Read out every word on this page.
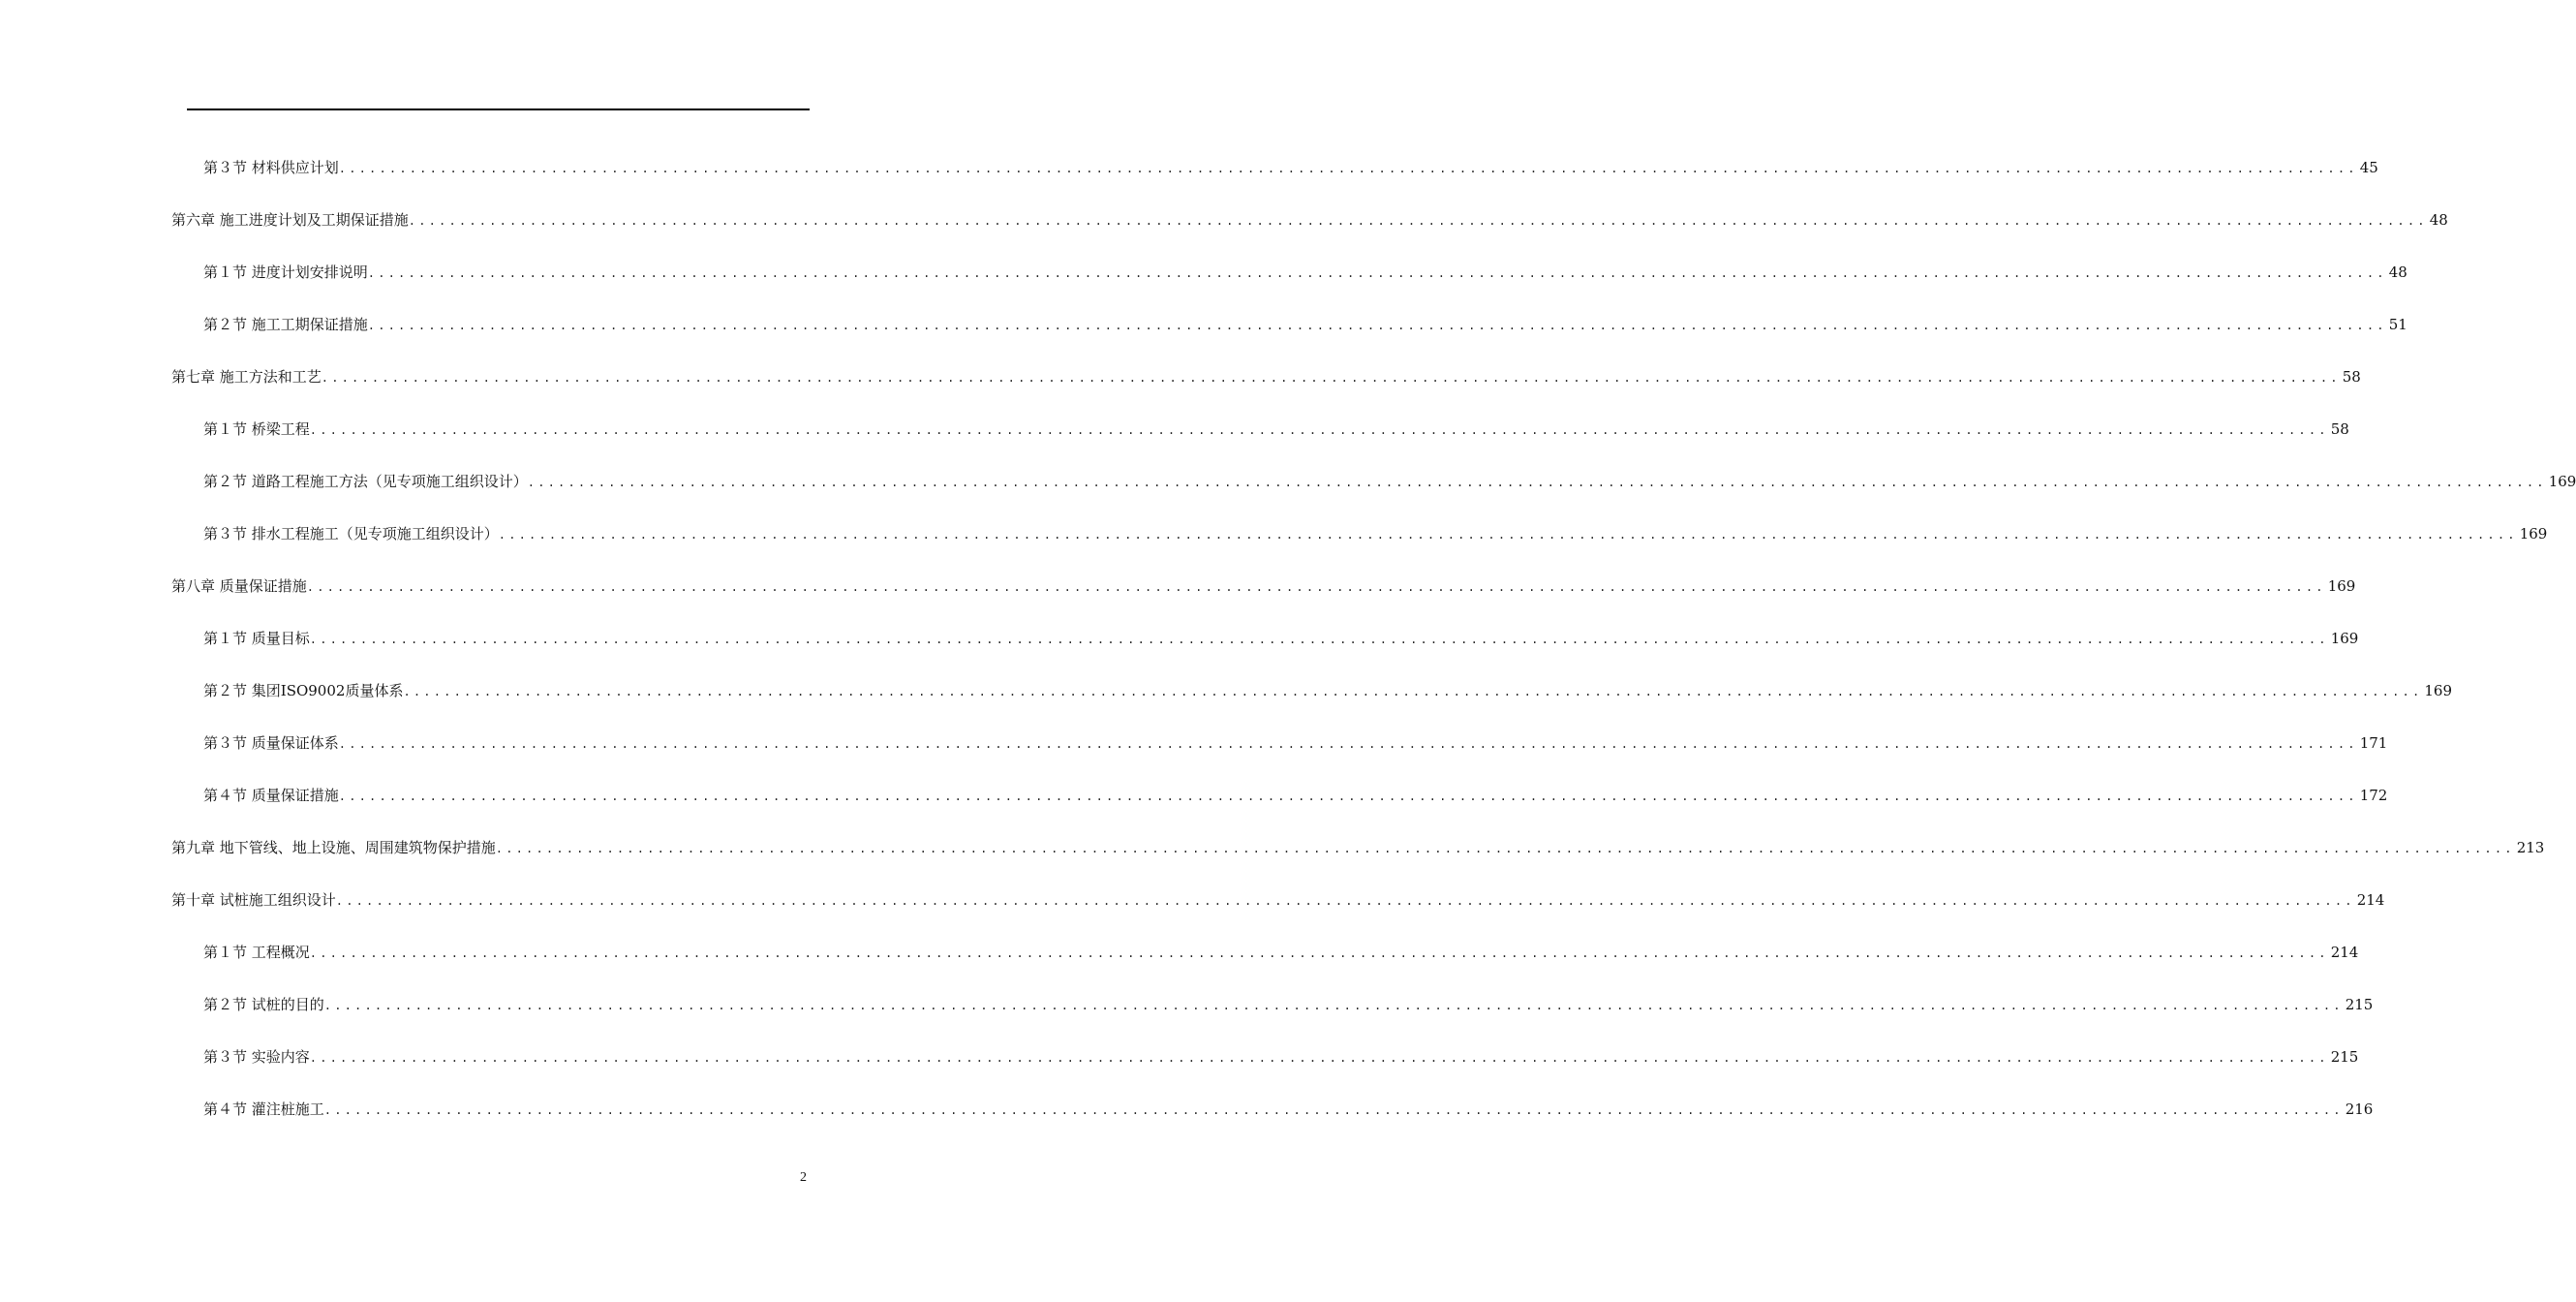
第３节 材料供应计划 ........................................................................................................................................................................................................ 45
第六章 施工进度计划及工期保证措施 ........................................................................................................................................................................................................ 48
第１节 进度计划安排说明 ........................................................................................................................................................................................................ 48
第２节 施工工期保证措施 ........................................................................................................................................................................................................ 51
第七章 施工方法和工艺 ........................................................................................................................................................................................................ 58
第１节 桥梁工程 ........................................................................................................................................................................................................ 58
第２节 道路工程施工方法（见专项施工组织设计） ........................................................................................................................................................................................................ 169
第３节 排水工程施工（见专项施工组织设计） ........................................................................................................................................................................................................ 169
第八章 质量保证措施 ........................................................................................................................................................................................................ 169
第１节 质量目标 ........................................................................................................................................................................................................ 169
第２节 集团ISO9002质量体系 ........................................................................................................................................................................................................ 169
第３节 质量保证体系 ........................................................................................................................................................................................................ 171
第４节 质量保证措施 ........................................................................................................................................................................................................ 172
第九章 地下管线、地上设施、周围建筑物保护措施 ........................................................................................................................................................................................................ 213
第十章 试桩施工组织设计 ........................................................................................................................................................................................................ 214
第１节 工程概况 ........................................................................................................................................................................................................ 214
第２节 试桩的目的 ........................................................................................................................................................................................................ 215
第３节 实验内容 ........................................................................................................................................................................................................ 215
第４节 灌注桩施工 ........................................................................................................................................................................................................ 216
2
